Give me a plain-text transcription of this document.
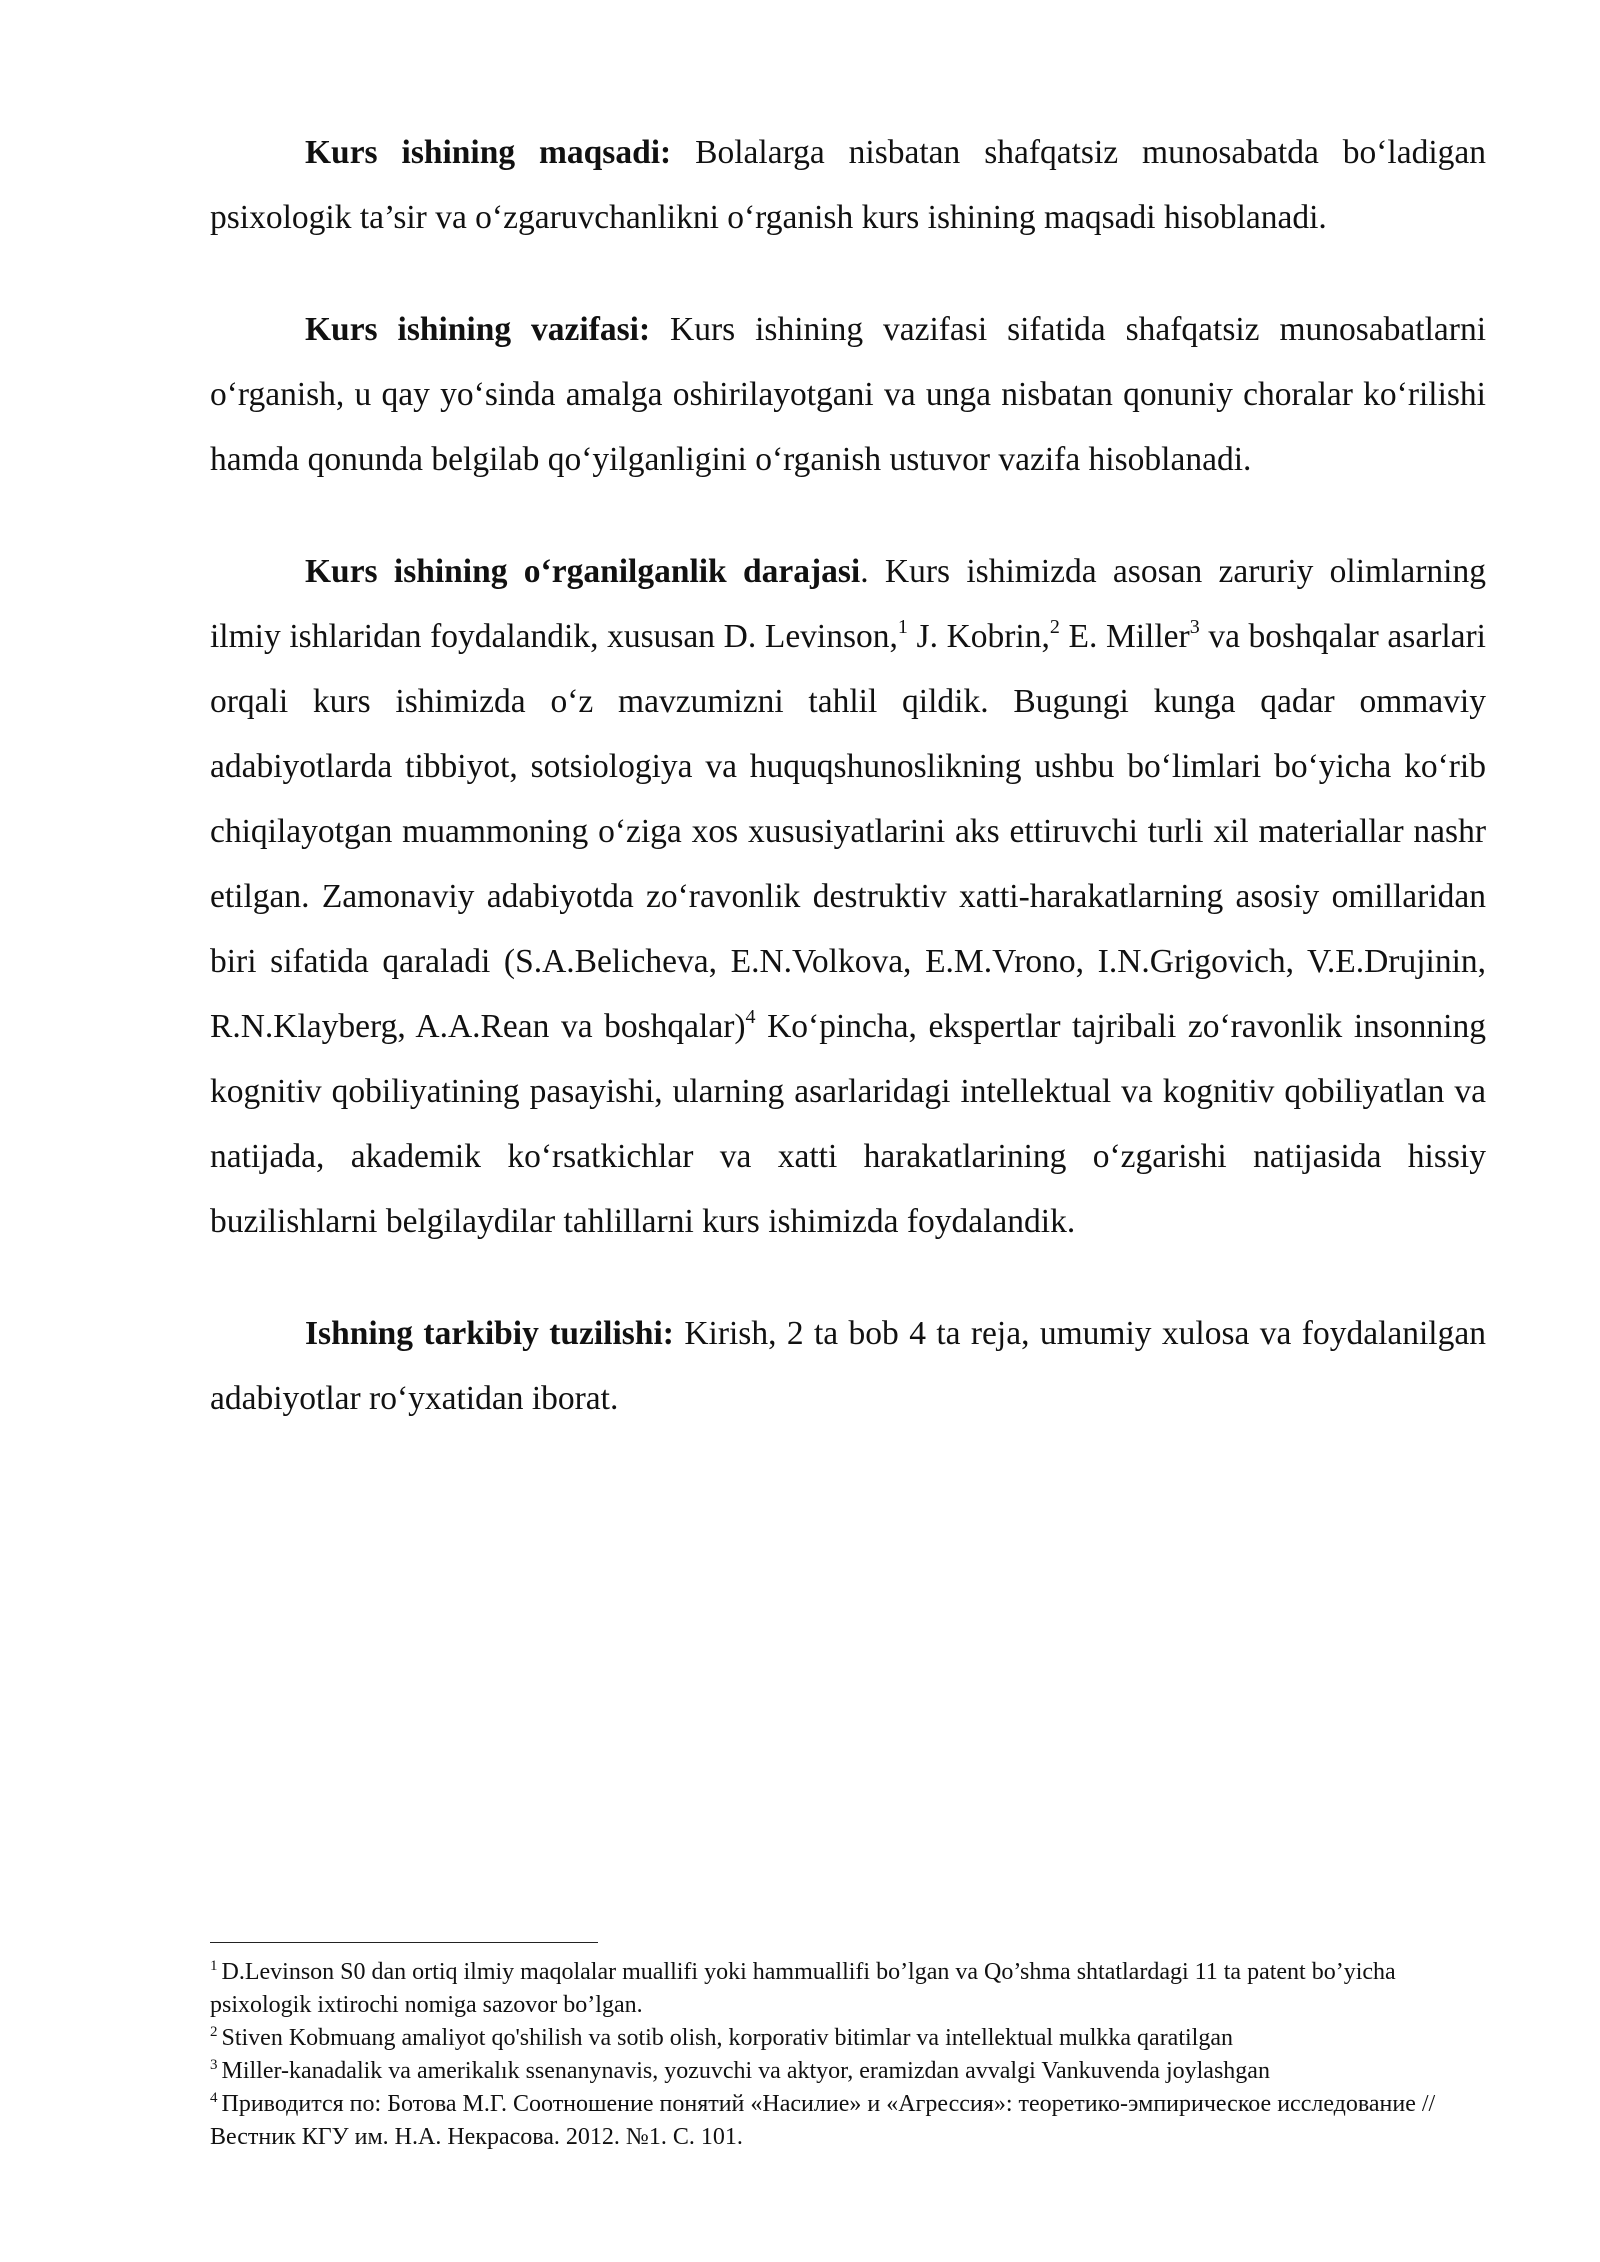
Kurs ishining maqsadi: Bolalarga nisbatan shafqatsiz munosabatda bo‘ladigan psixologik ta’sir va o‘zgaruvchanlikni o‘rganish kurs ishining maqsadi hisoblanadi.

Kurs ishining vazifasi: Kurs ishining vazifasi sifatida shafqatsiz munosabatlarni o‘rganish, u qay yo‘sinda amalga oshirilayotgani va unga nisbatan qonuniy choralar ko‘rilishi hamda qonunda belgilab qo‘yilganligini o‘rganish ustuvor vazifa hisoblanadi.

Kurs ishining o‘rganilganlik darajasi. Kurs ishimizda asosan zaruriy olimlarning ilmiy ishlaridan foydalandik, xususan D. Levinson,$^1$ J. Kobrin,$^2$ E. Miller$^3$ va boshqalar asarlari orqali kurs ishimizda o‘z mavzumizni tahlil qildik. Bugungi kunga qadar ommaviy adabiyotlarda tibbiyot, sotsiologiya va huquqshunoslikning ushbu bo‘limlari bo‘yicha ko‘rib chiqilayotgan muammoning o‘ziga xos xususiyatlarini aks ettiruvchi turli xil materiallar nashr etilgan. Zamonaviy adabiyotda zo‘ravonlik destruktiv xatti-harakatlarning asosiy omillaridan biri sifatida qaraladi (S.A.Belicheva, E.N.Volkova, E.M.Vrono, I.N.Grigovich, V.E.Drujinin, R.N.Klayberg, A.A.Rean va boshqalar)$^4$ Ko‘pincha, ekspertlar tajribali zo‘ravonlik insonning kognitiv qobiliyatining pasayishi, ularning asarlaridagi intellektual va kognitiv qobiliyatlan va natijada, akademik ko‘rsatkichlar va xatti harakatlarining o‘zgarishi natijasida hissiy buzilishlarni belgilaydilar tahlillarni kurs ishimizda foydalandik.

Ishning tarkibiy tuzilishi: Kirish, 2 ta bob 4 ta reja, umumiy xulosa va foydalanilgan adabiyotlar ro‘yxatidan iborat.

$^1$ D.Levinson S0 dan ortiq ilmiy maqolalar muallifi yoki hammuallifi bo’lgan va Qo’shma shtatlardagi 11 ta patent bo’yicha psixologik ixtirochi nomiga sazovor bo’lgan.

$^2$ Stiven Kobmuang amaliyot qo'shilish va sotib olish, korporativ bitimlar va intellektual mulkka qaratilgan

$^3$ Miller-kanadalik va amerikalık ssenanynavis, yozuvchi va aktyor, eramizdan avvalgi Vankuvenda joylashgan

$^4$ Приводится по: Ботова М.Г. Соотношение понятий «Насилие» и «Агрессия»: теоретико-эмпирическое исследование // Вестник КГУ им. Н.А. Некрасова. 2012. №1. С. 101.
